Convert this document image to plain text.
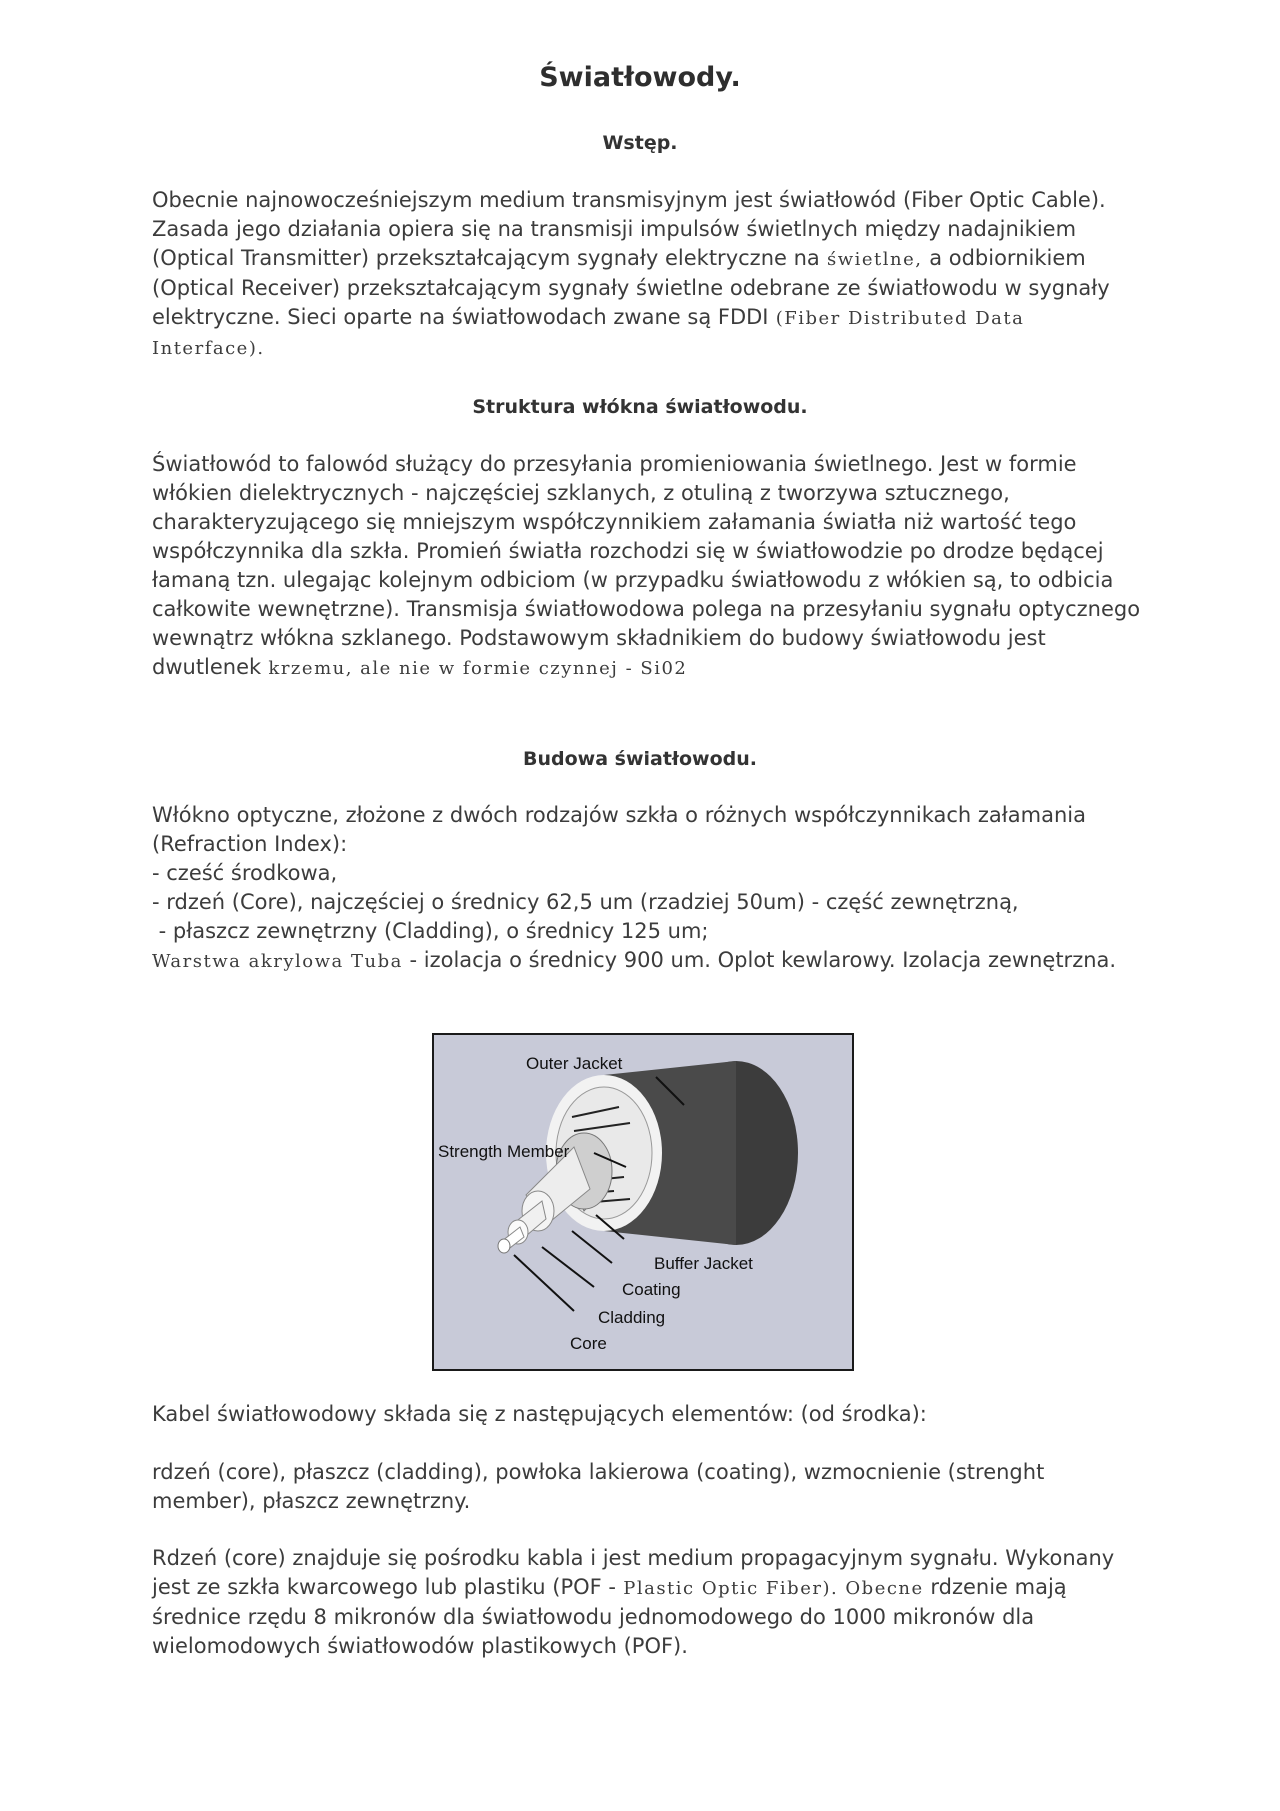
Światłowody.
Wstęp.

Obecnie najnowocześniejszym medium transmisyjnym jest światłowód (Fiber Optic Cable). Zasada jego działania opiera się na transmisji impulsów świetlnych między nadajnikiem (Optical Transmitter) przekształcającym sygnały elektryczne na świetlne, a odbiornikiem (Optical Receiver) przekształcającym sygnały świetlne odebrane ze światłowodu w sygnały elektryczne. Sieci oparte na światłowodach zwane są FDDI (Fiber Distributed Data Interface).

Struktura włókna światłowodu.

Światłowód to falowód służący do przesyłania promieniowania świetlnego. Jest w formie włókien dielektrycznych - najczęściej szklanych, z otuliną z tworzywa sztucznego, charakteryzującego się mniejszym współczynnikiem załamania światła niż wartość tego współczynnika dla szkła. Promień światła rozchodzi się w światłowodzie po drodze będącej łamaną tzn. ulegając kolejnym odbiciom (w przypadku światłowodu z włókien są, to odbicia całkowite wewnętrzne). Transmisja światłowodowa polega na przesyłaniu sygnału optycznego wewnątrz włókna szklanego. Podstawowym składnikiem do budowy światłowodu jest dwutlenek krzemu, ale nie w formie czynnej - Si02

Budowa światłowodu.
Włókno optyczne, złożone z dwóch rodzajów szkła o różnych współczynnikach załamania (Refraction Index):
- cześć środkowa,
- rdzeń (Core), najczęściej o średnicy 62,5 um (rzadziej 50um) - część zewnętrzną,
- płaszcz zewnętrzny (Cladding), o średnicy 125 um;
Warstwa akrylowa Tuba - izolacja o średnicy 900 um. Oplot kewlarowy. Izolacja zewnętrzna.
Outer Jacket
Strength Member
Buffer Jacket
Coating
Cladding
Core

Kabel światłowodowy składa się z następujących elementów: (od środka):

rdzeń (core), płaszcz (cladding), powłoka lakierowa (coating), wzmocnienie (strenght member), płaszcz zewnętrzny.

Rdzeń (core) znajduje się pośrodku kabla i jest medium propagacyjnym sygnału. Wykonany jest ze szkła kwarcowego lub plastiku (POF - Plastic Optic Fiber). Obecne rdzenie mają średnice rzędu 8 mikronów dla światłowodu jednomodowego do 1000 mikronów dla wielomodowych światłowodów plastikowych (POF).
